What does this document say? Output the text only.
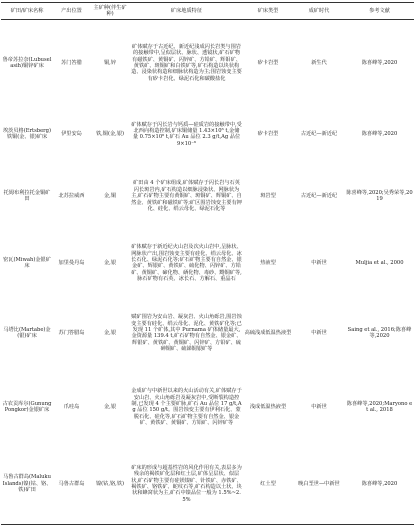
矿田/矿床名称	产出位置	主矿种(伴生矿种)	矿床地质特征	矿床类型	成矿时代	参考文献
鲁帝苏拉奈(Lubuselasih)铜锌矿床	苏门答腊	铜,锌	矿体赋存于古近纪、新近纪浅成闪长岩类与围岩的接触带中,呈似层状、脉状、透镜状,矿石矿物有磁铁矿、黄铜矿、闪锌矿、方铅矿、辉钼矿、黄铁矿、斑铜矿和白铁矿等,矿石构造以块状构造、浸染状构造和细脉状构造为主;围岩蚀变主要有矽卡岩化、绿泥石化和碳酸盐化	矽卡岩型	新生代	陈喜峰等,2020
埃茨贝格(Ertsberg)铁铜(金、银)矿床	伊里安岛	铁,铜(金,银)	矿体赋存于闪长岩与钙质—硅质岩的接触带中,受北西向构造控制,矿床铜储量 1.43×10⁶ t,金储量 0.75×10⁶ t,矿石 Au 品位 2.3 g/t,Ag 品位 9×10⁻⁶	矽卡岩型	古近纪—新近纪	陈喜峰等,2020
托姆布利拉托金铜矿田	北苏拉威西	金,铜	矿田由 4 个矿床组成,矿体赋存于闪长岩与石英闪长斑岩内,矿石构造以细脉浸染状、网脉状为主,矿石矿物主要有黄铜矿、斑铜矿、辉铜矿、自然金、黄铁矿和磁铁矿等;矿区围岩蚀变主要有钾化、硅化、绢云母化、绿泥石化等	斑岩型	古近纪—新近纪	陈喜峰等,2020;吴秀荣等,2019
密瓦(Miwah)金银矿床	加里曼丹岛	金,银	矿体赋存于新近纪火山岩及次火山岩中,呈脉状、网脉状产出,围岩蚀变主要有硅化、绢云母化、冰长石化、绿泥石化等;矿石矿物主要有自然金、银金矿、辉银矿、黄铁矿、硫化物、闪锌矿、方铅矿、黄铜矿、碲化物、硒化物、毒砂、黝铜矿等,脉石矿物有石英、冰长石、方解石、重晶石	热液型	中新世	Muljia et al., 2000
马塔比(Martabe)金(银)矿床	苏门答腊岛	金,银	赋矿围岩为安山岩、凝灰岩、火山角砾岩,围岩蚀变主要有硅化、绢云母化、泥化、黄铁矿化等;已发现 11 个矿体,其中 Purnama 矿体储量最大,金资源量 139.4 t,矿石矿物有自然金、银金矿、辉银矿、黄铁矿、黄铜矿、闪锌矿、方铅矿、硫砷铜矿、硫锑铜银矿等	高硫浅成低温热液型	中新世	Saing et al., 2016;陈喜峰等,2020
古农贡库尔(Gunung Pongkor)金银矿床	爪哇岛	金,银	金成矿与中新世以来的火山活动有关,矿体赋存于安山岩、火山角砾岩及凝灰岩中,受断裂构造控制,已发现 4 个主要矿脉,矿石 Au 品位 17 g/t,Ag 品位 150 g/t。围岩蚀变主要有伊利石化、蒙脱石化、硅化等,矿石矿物主要有自然金、银金矿、黄铁矿、黄铜矿、方铅矿、闪锌矿等	浅成低温热液型	中新世	陈喜峰等,2020;Maryono et al., 2018
马鲁古群岛(Maluku Islands)镍(钴、铬、铁)矿田	马鲁古群岛	镍(钴,铬,铁)	矿床的形成与超基性岩的风化作用有关,表层多为残余的褐铁矿化层和红土层,矿体呈层状、似层状,矿石矿物主要有硅镁镍矿、针铁矿、赤铁矿、褐铁矿、铬铁矿、蛇纹石等,矿石构造以土状、块状和蜂窝状为主,矿石中镍品位一般为 1.5%~2.5%	红土型	晚白垩世—中新世	陈喜峰等,2020
